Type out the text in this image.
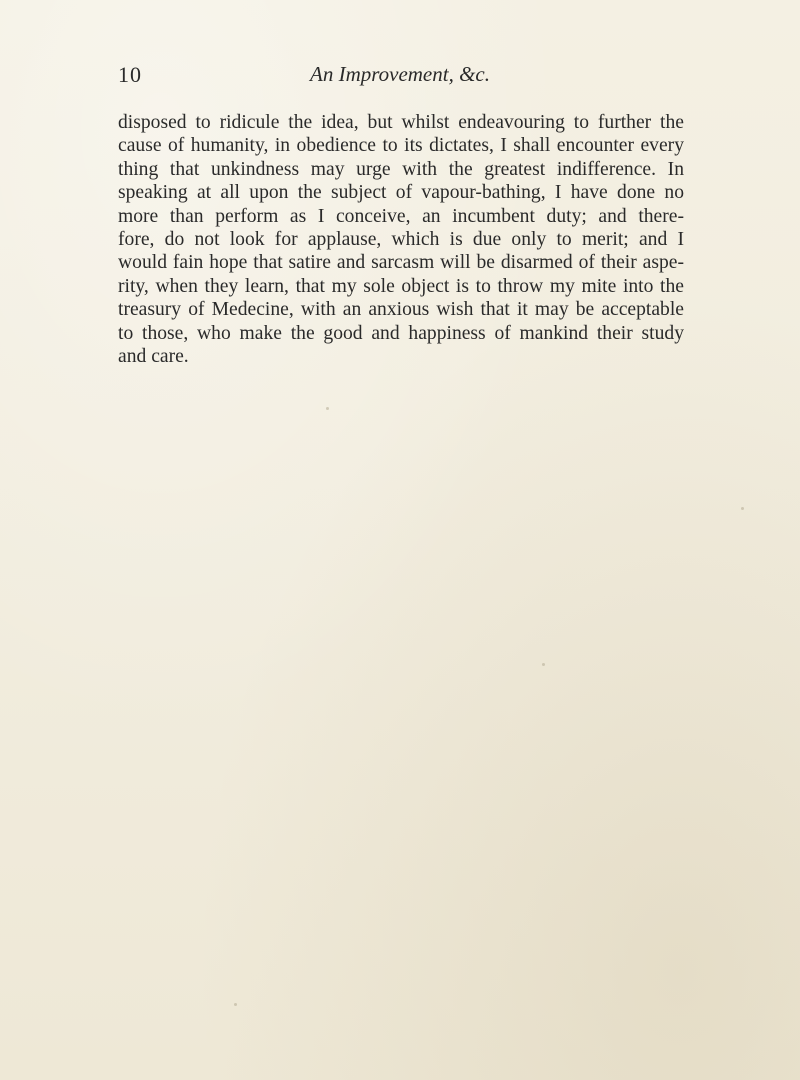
10	An Improvement, &c.

disposed to ridicule the idea, but whilst endeavouring to further the
cause of humanity, in obedience to its dictates, I shall encounter every
thing that unkindness may urge with the greatest indifference. In
speaking at all upon the subject of vapour-bathing, I have done no
more than perform as I conceive, an incumbent duty; and there-
fore, do not look for applause, which is due only to merit; and I
would fain hope that satire and sarcasm will be disarmed of their aspe-
rity, when they learn, that my sole object is to throw my mite into the
treasury of Medecine, with an anxious wish that it may be acceptable
to those, who make the good and happiness of mankind their study
and care.
